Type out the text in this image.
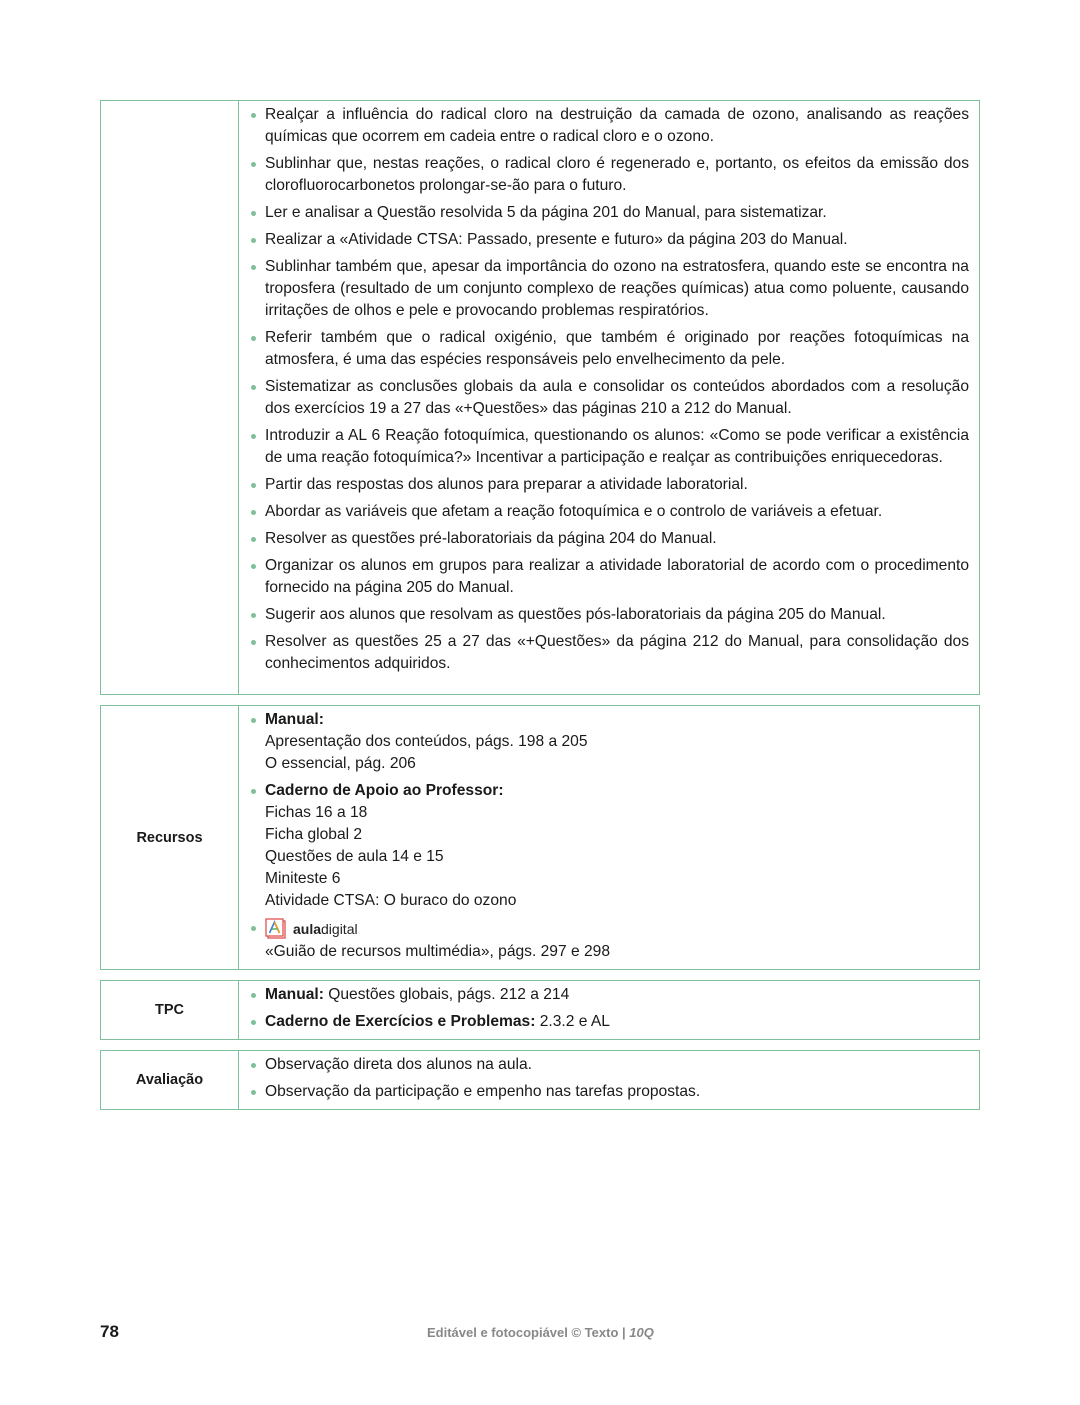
Realçar a influência do radical cloro na destruição da camada de ozono, analisando as reações químicas que ocorrem em cadeia entre o radical cloro e o ozono.
Sublinhar que, nestas reações, o radical cloro é regenerado e, portanto, os efeitos da emissão dos clorofluorocarbonetos prolongar-se-ão para o futuro.
Ler e analisar a Questão resolvida 5 da página 201 do Manual, para sistematizar.
Realizar a «Atividade CTSA: Passado, presente e futuro» da página 203 do Manual.
Sublinhar também que, apesar da importância do ozono na estratosfera, quando este se encontra na troposfera (resultado de um conjunto complexo de reações químicas) atua como poluente, causando irritações de olhos e pele e provocando problemas respiratórios.
Referir também que o radical oxigénio, que também é originado por reações fotoquímicas na atmosfera, é uma das espécies responsáveis pelo envelhecimento da pele.
Sistematizar as conclusões globais da aula e consolidar os conteúdos abordados com a resolução dos exercícios 19 a 27 das «+Questões» das páginas 210 a 212 do Manual.
Introduzir a AL 6 Reação fotoquímica, questionando os alunos: «Como se pode verificar a existência de uma reação fotoquímica?» Incentivar a participação e realçar as contribuições enriquecedoras.
Partir das respostas dos alunos para preparar a atividade laboratorial.
Abordar as variáveis que afetam a reação fotoquímica e o controlo de variáveis a efetuar.
Resolver as questões pré-laboratoriais da página 204 do Manual.
Organizar os alunos em grupos para realizar a atividade laboratorial de acordo com o procedimento fornecido na página 205 do Manual.
Sugerir aos alunos que resolvam as questões pós-laboratoriais da página 205 do Manual.
Resolver as questões 25 a 27 das «+Questões» da página 212 do Manual, para consolidação dos conhecimentos adquiridos.
Recursos
Manual:
Apresentação dos conteúdos, págs. 198 a 205
O essencial, pág. 206
Caderno de Apoio ao Professor:
Fichas 16 a 18
Ficha global 2
Questões de aula 14 e 15
Miniteste 6
Atividade CTSA: O buraco do ozono
auladigital
«Guião de recursos multimédia», págs. 297 e 298
TPC
Manual: Questões globais, págs. 212 a 214
Caderno de Exercícios e Problemas: 2.3.2 e AL
Avaliação
Observação direta dos alunos na aula.
Observação da participação e empenho nas tarefas propostas.
78	Editável e fotocopiável © Texto | 10Q
